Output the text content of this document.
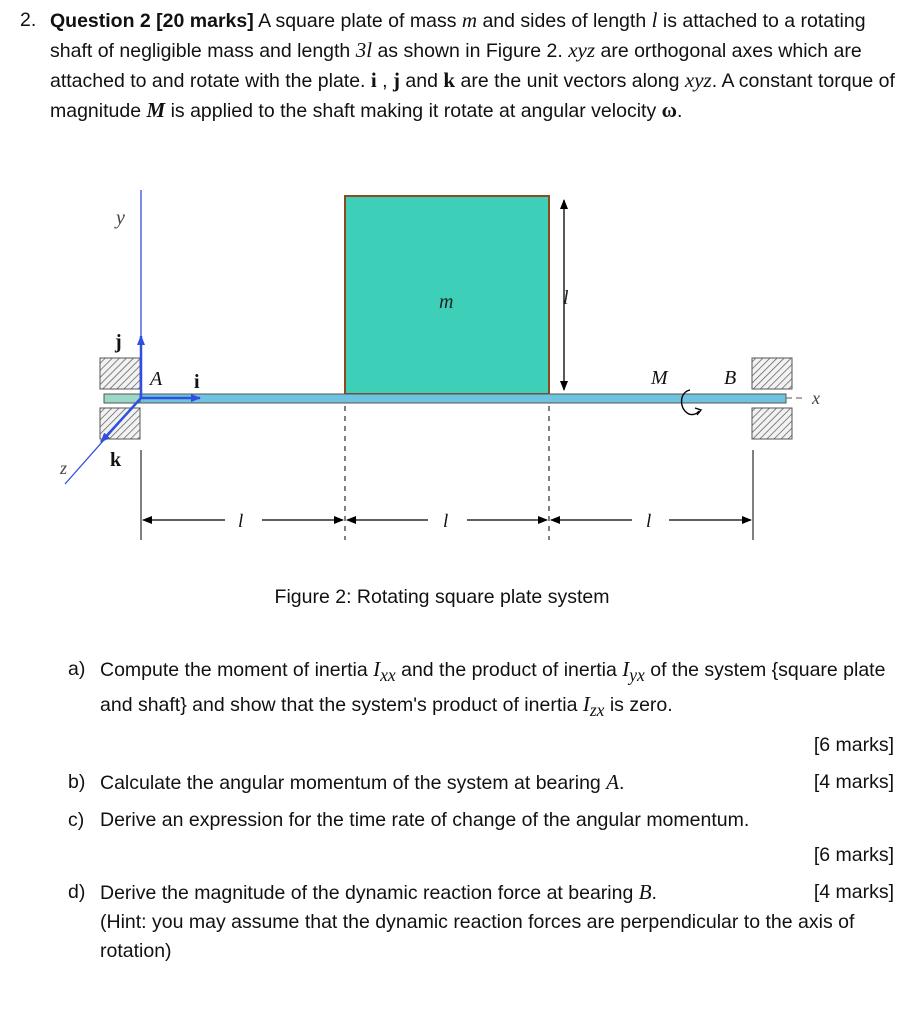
2. Question 2 [20 marks] A square plate of mass m and sides of length l is attached to a rotating shaft of negligible mass and length 3l as shown in Figure 2. xyz are orthogonal axes which are attached to and rotate with the plate. i , j and k are the unit vectors along xyz. A constant torque of magnitude M is applied to the shaft making it rotate at angular velocity ω.
y
j
A i
k
z
m	l
M	B
x
l	l	l
Figure 2: Rotating square plate system
a) Compute the moment of inertia $I_{xx}$ and the product of inertia $I_{yx}$ of the system {square plate and shaft} and show that the system's product of inertia $I_{zx}$ is zero.
[6 marks]
b) Calculate the angular momentum of the system at bearing A.	[4 marks]
c) Derive an expression for the time rate of change of the angular momentum.
[6 marks]
d) Derive the magnitude of the dynamic reaction force at bearing B.	[4 marks]
(Hint: you may assume that the dynamic reaction forces are perpendicular to the axis of rotation)
